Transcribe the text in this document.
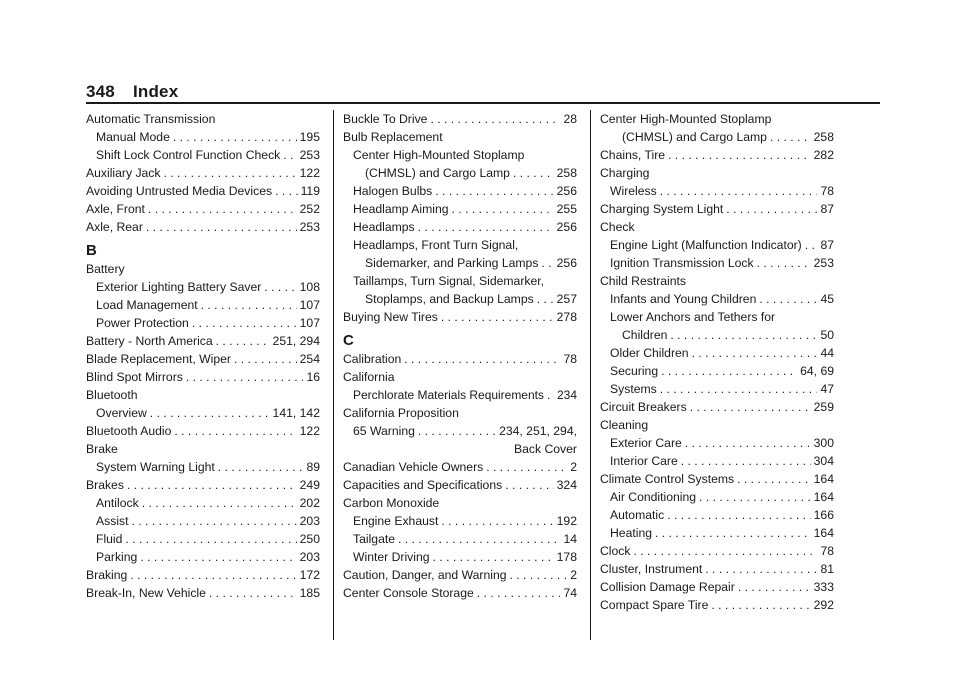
348 Index
Automatic Transmission
Manual Mode . . .	195
Shift Lock Control Function Check . . . 253
Auxiliary Jack . . .	122
Avoiding Untrusted Media Devices . . . 119
Axle, Front . . .	252
Axle, Rear . . .	253
B
Battery
Exterior Lighting Battery Saver . . .	108
Load Management . . .	107
Power Protection . . .	107
Battery - North America . . .	251, 294
Blade Replacement, Wiper . . .	254
Blind Spot Mirrors . . .	16
Bluetooth
Overview . . .	141, 142
Bluetooth Audio . . .	122
Brake
System Warning Light . . .	89
Brakes . . .	249
Antilock . . .	202
Assist . . .	203
Fluid . . .	250
Parking . . .	203
Braking . . .	172
Break-In, New Vehicle . . .	185
Buckle To Drive . . .	28
Bulb Replacement
Center High-Mounted Stoplamp
(CHMSL) and Cargo Lamp . . .	258
Halogen Bulbs . . .	256
Headlamp Aiming . . .	255
Headlamps . . .	256
Headlamps, Front Turn Signal,
Sidemarker, and Parking Lamps . . . 256
Taillamps, Turn Signal, Sidemarker,
Stoplamps, and Backup Lamps . . . 257
Buying New Tires . . .	278
C
Calibration . . .	78
California
Perchlorate Materials Requirements . . . 234
California Proposition
65 Warning . . .	234, 251, 294,
Back Cover
Canadian Vehicle Owners . . .	2
Capacities and Specifications . . .	324
Carbon Monoxide
Engine Exhaust . . .	192
Tailgate . . .	14
Winter Driving . . .	178
Caution, Danger, and Warning . . .	2
Center Console Storage . . .	74
Center High-Mounted Stoplamp
(CHMSL) and Cargo Lamp . . .	258
Chains, Tire . . .	282
Charging
Wireless . . .	78
Charging System Light . . .	87
Check
Engine Light (Malfunction Indicator) . . . 87
Ignition Transmission Lock . . .	253
Child Restraints
Infants and Young Children . . .	45
Lower Anchors and Tethers for
Children . . .	50
Older Children . . .	44
Securing . . .	64, 69
Systems . . .	47
Circuit Breakers . . .	259
Cleaning
Exterior Care . . .	300
Interior Care . . .	304
Climate Control Systems . . .	164
Air Conditioning . . .	164
Automatic . . .	166
Heating . . .	164
Clock . . .	78
Cluster, Instrument . . .	81
Collision Damage Repair . . .	333
Compact Spare Tire . . .	292
